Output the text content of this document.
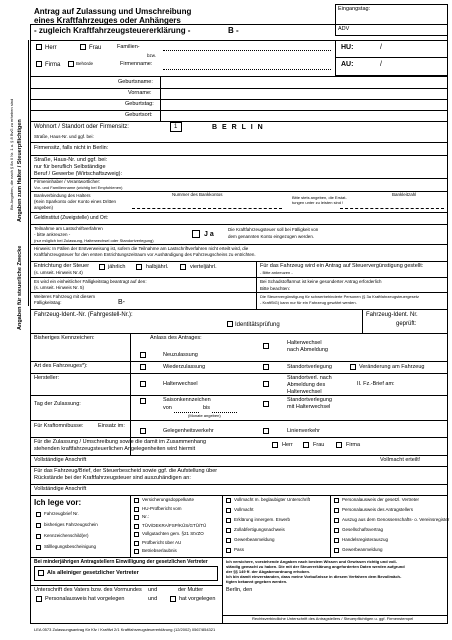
Antrag auf Zulassung und Umschreibung
eines Kraftfahrzeuges oder Anhängers
- zugleich Kraftfahrzeugsteuererklärung -	B -
Eingangstag:
ADV
Herr	Frau	Familien-
bzw.
Firma	Behörde	Firmenname:
HU:	/
AU:	/
Geburtsname:
Vorname:
Geburtstag:
Geburtsort:
Wohnort / Standort oder Firmensitz:	1	B E R L I N
Straße, Haus-Nr. und ggf. bei:
Firmensitz, falls nicht in Berlin:
Straße, Haus-Nr. und ggf. bei:
nur für beruflich Selbständige
Beruf / Gewerbe (Wirtschaftszweig):
Firmeninhaber / Verantwortlicher:
Vor- und Familienname (wichtig bei Empfohlenen)
Bankverbindung des Halters
(Kein Sparkonto oder Konto eines Dritten
angeben)
Nummer des Bankkontos	Bankleitzahl
Bitte stets angeben, die Erstat-
tungen unter zu leisten sind !
Geldinstitut (Zweigstelle) und Ort:
Teilnahme am Lastschriftverfahren
- bitte ankreuzen -
(nur möglich bei Zulassung, Halterwechsel oder Standortverlegung)
J a
Die Kraftfahrzeugsteuer soll bei Fälligkeit von
dem genannten Konto eingezogen werden.
Hinweis: In Fällen der Erstverweisung ist, sofern die Teilnahme am Lastschriftverfahren nicht erteilt wird, die
Kraftfahrzeugsteuer für den ersten Entrichtungszeitraum vor Aushändigung des Fahrzeugscheins zu entrichten.
Entrichtung der Steuer
(s. umseit. Hinweis Nr.4)
jährlich	halbjährl.	vierteljährl.	Für das Fahrzeug wird ein Antrag auf Steuervergünstigung gestellt:
- Bitte ankreuzen -
Es wird ein einheitlicher Fälligkeitstag beantragt auf den:
(s. umseit. Hinweis Nr. 5)
Bei Schadstoffarmut ist keine gesonderter Antrag erforderlich
Bitte beachten:
Weiteres Fahrzeug mit diesem
Fälligkeitstag:	B-
Die Steuervergünstigung für schwerbehinderte Personen (§ 3a Kraftfahrzeugsteuergesetz
- KraftStG) kann nur für ein Fahrzeug gewährt werden.
Fahrzeug-Ident.-Nr. (Fahrgestell-Nr.):
Identitätsprüfung
Fahrzeug-Ident. Nr.
geprüft:
Bisheriges Kennzeichen:	Anlass des Antrages:
Neuzulassung
Halterwechsel
nach Abmeldung
Art des Fahrzeuges*):	Wiederzulassung	Standortverlegung	Veränderung am Fahrzeug
Hersteller:
Halterwechsel
Standortverl. nach
Abmeldung des
Halterwechsel
II. Fz.-Brief am:
Tag der Zulassung:
Saisonkennzeichen
von	bis
(Monate angeben)
Standortverlegung
mit Halterwechsel
Für Kraftomnibusse:	Einsatz im:
Gelegenheitsverkehr	Linienverkehr
Für die Zulassung / Umschreibung sowie die damit im Zusammenhang
stehenden kraftfahrzeugsteuerlichen Angelegenheiten wird hiermit
Herr	Frau	Firma
Vollständige Anschrift	Vollmacht erteilt!
Für das Fahrzeug/Brief, der Steuerbescheid sowie ggf. die Aufstellung über
Rückstände bei der Kraftfahrzeugsteuer sind auszuhändigen an:
Vollständige Anschrift
Ich lege vor:
Fahrzeugbrief Nr.
bisheriges Fahrzeugschein
Kennzeichenschild(er)
Stilllegungsbescheinigung
Versicherungsdoppelkarte
HU-Prüfbericht vom
Nr.:
TÜV/DEKRA/FSP/KÜS/GTÜ/TÜ
Vollgutachten gem. §21 StVZO
Prüfbericht über AU
Betriebserlaubnis
Vollmacht m. beglaubigter Unterschrift
Vollmacht
Erklärung innergem. Erwerb
Zollabfertigungsnachweis
Gewerbeanmeldung
Pass
Personalausweis der gesetzl. Vertreter
Personalausweis des Antragstellers
Auszug aus dem Genossenschafts- o. Vereinsregister
Gesellschaftsvertrag
Handelsregisterauszug
Gewerbeanmeldung
Bei minderjährigen Antragstellern Einwilligung der gesetzlichen Vertreter
Als alleiniger gesetzlicher Vertreter
Ich versichere, vorstehende Angaben nach bestem Wissen und Gewissen richtig und voll-
ständig gemacht zu haben. Die mit der Steuererklärung angeforderten Daten werden aufgrund
der §§ 149 ff. der Abgabenordnung erhoben.
Ich bin damit einverstanden, dass meine Vorbußnisse in diesem Verfahren dem Bevollmäch-
tigten bekannt gegeben werden.
Unterschrift des Vaters bzw. des Vormundes und	der Mutter
Personalausweis hat vorgelegen	und	hat vorgelegen
Berlin, den
Rechtsverbindliche Unterschrift des Antragstellers / Steuerpflichtigen u. ggf. Firmenstempel
LEA 0573 Zulassungsantrag für Kfz / Kraftfzt 2/1 Kraftfahrzeugsteuererklärung (12/2002) 0567/854321
Angaben zum Halter / Steuerpflichtigen
Angaben für steuerliche Zwecke
Bis Angaben, die nach § 8a II Nr. 1 u. § 8 BvG zu erheben sind
